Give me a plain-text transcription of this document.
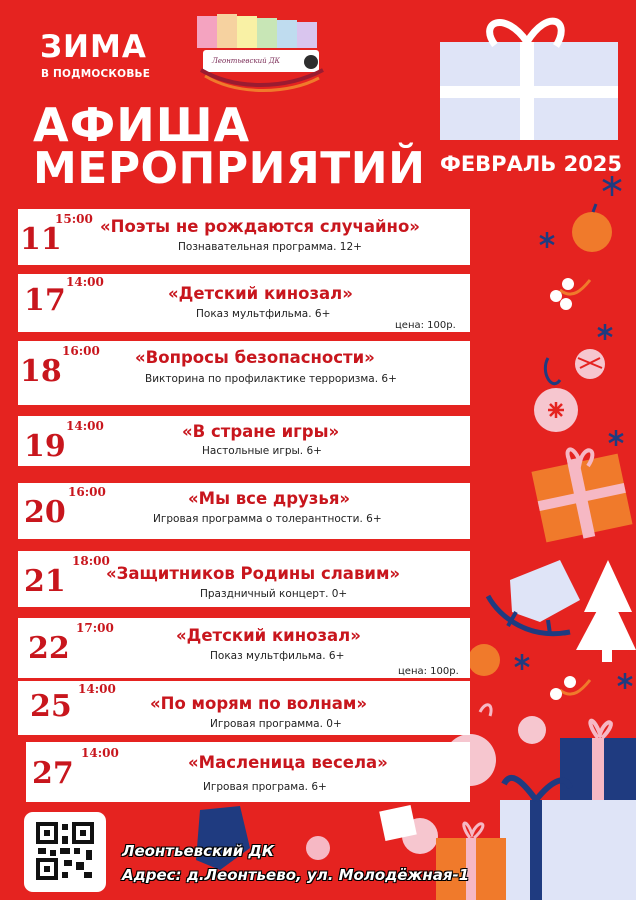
ЗИМА
В ПОДМОСКОВЬЕ
Леонтьевский ДК
АФИША
МЕРОПРИЯТИЙ ФЕВРАЛЬ 2025
11
15:00 «Поэты не рождаются случайно»
Познавательная программа. 12+
17
14:00
«Детский кинозал»
Показ мультфильма. 6+
цена: 100р.
18
16:00 «Вопросы безопасности»
Викторина по профилактике терроризма. 6+
19
14:00	«В стране игры»
Настольные игры. 6+
20
16:00	«Мы все друзья»
Игровая программа о толерантности. 6+
21
18:00
«Защитников Родины славим»
Праздничный концерт. 0+
22
17:00	«Детский кинозал»
Показ мультфильма. 6+
цена: 100р.
25 14:00
«По морям по волнам»
Игровая программа. 0+
27
14:00	«Масленица весела»
Игровая програма. 6+
Леонтьевский ДК
Адрес: д.Леонтьево, ул. Молодёжная-1
